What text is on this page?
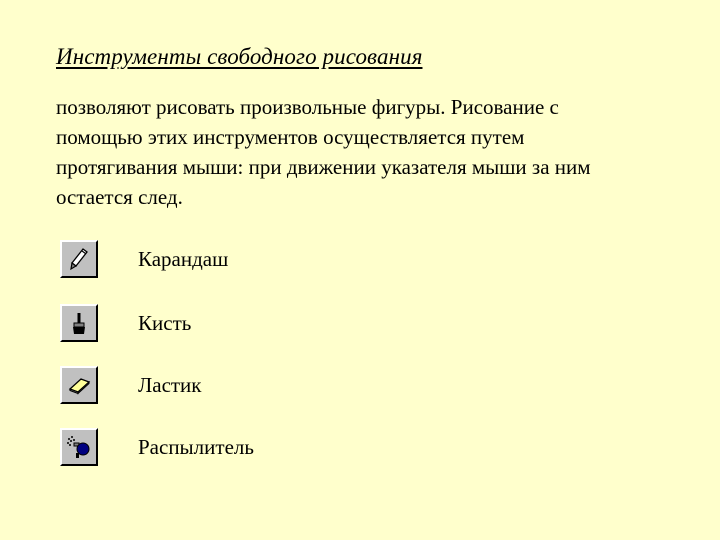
Инструменты свободного рисования
позволяют рисовать произвольные фигуры. Рисование с
помощью этих инструментов осуществляется путем
протягивания мыши: при движении указателя мыши за ним
остается след.
Карандаш
Кисть
Ластик
Распылитель
